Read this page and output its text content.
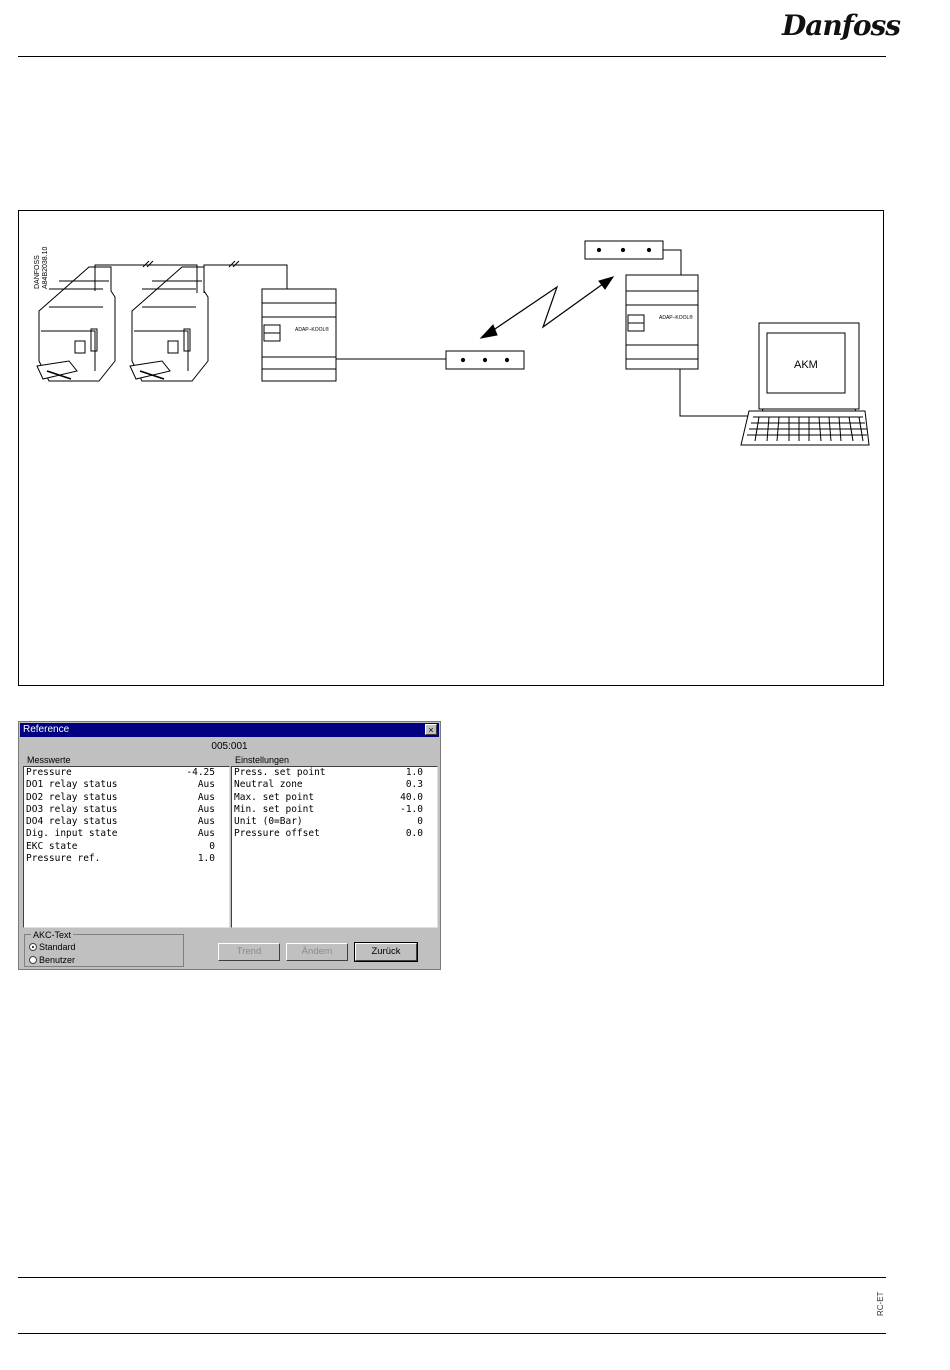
Danfoss
DANFOSS A84B2038.10
ADAP–KOOL®
ADAP–KOOL®
AKM
Reference	×
005:001
Messwerte	Einstellungen
Pressure	-4.25
DO1 relay status	Aus
DO2 relay status	Aus
DO3 relay status	Aus
DO4 relay status	Aus
Dig. input state	Aus
EKC state	0
Pressure ref.	1.0
Press. set point	1.0
Neutral zone	0.3
Max. set point	40.0
Min. set point	-1.0
Unit (0=Bar)	0
Pressure offset	0.0
AKC-Text
Standard
Benutzer
Trend	Ändern	Zurück
RC-ET
